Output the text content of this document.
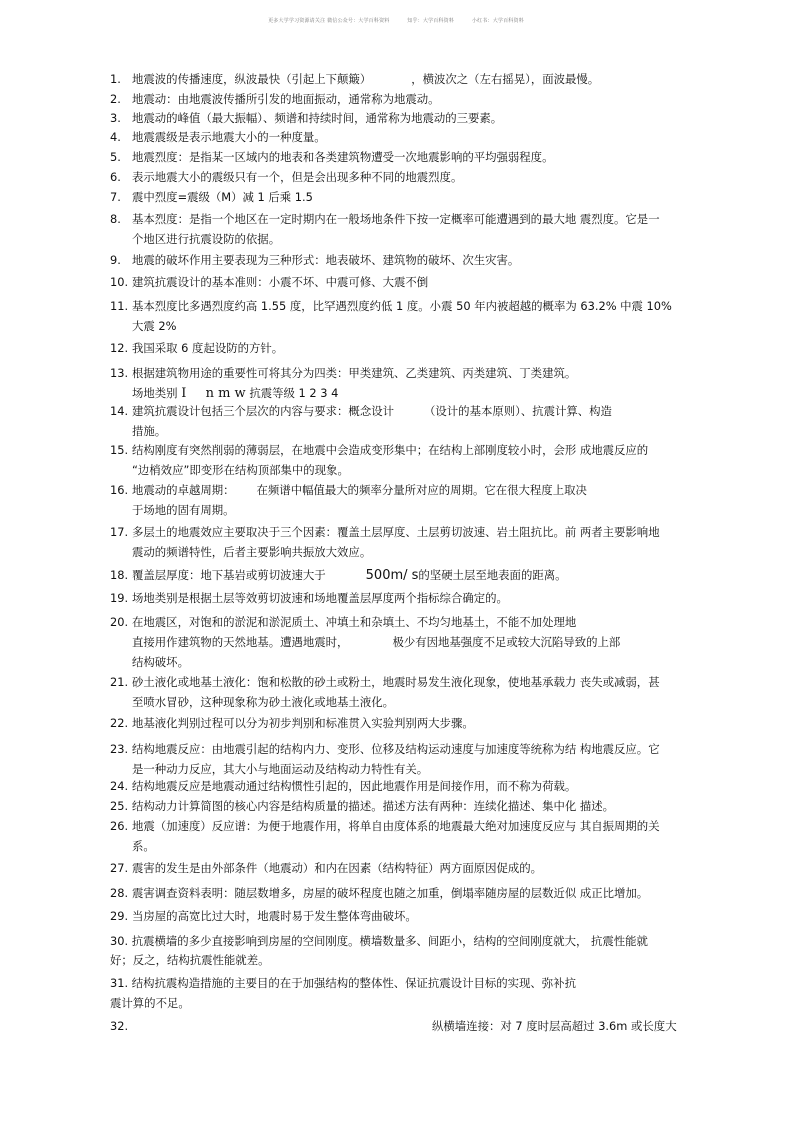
更多大学学习资源请关注 微信公众号：大学百科资料	知乎：大学百科资料	小红书：大学百科资料
1. 地震波的传播速度，纵波最快（引起上下颠簸）	，横波次之（左右摇晃），面波最慢。
2. 地震动：由地震波传播所引发的地面振动，通常称为地震动。
3. 地震动的峰值（最大振幅）、频谱和持续时间，通常称为地震动的三要素。
4. 地震震级是表示地震大小的一种度量。
5. 地震烈度：是指某一区域内的地表和各类建筑物遭受一次地震影响的平均强弱程度。
6. 表示地震大小的震级只有一个，但是会出现多种不同的地震烈度。
7. 震中烈度=震级（M）减 1 后乘 1.5
8. 基本烈度：是指一个地区在一定时期内在一般场地条件下按一定概率可能遭遇到的最大地 震烈度。它是一
个地区进行抗震设防的依据。
9. 地震的破坏作用主要表现为三种形式：地表破坏、建筑物的破坏、次生灾害。
10. 建筑抗震设计的基本准则：小震不坏、中震可修、大震不倒
11. 基本烈度比多遇烈度约高 1.55 度，比罕遇烈度约低 1 度。小震 50 年内被超越的概率为 63.2% 中震 10%
大震 2%
12. 我国采取 6 度起设防的方针。
13. 根据建筑物用途的重要性可将其分为四类：甲类建筑、乙类建筑、丙类建筑、丁类建筑。
场地类别 I n m w 抗震等级 1 2 3 4
14. 建筑抗震设计包括三个层次的内容与要求：概念设计	（设计的基本原则）、抗震计算、构造
措施。
15. 结构刚度有突然削弱的薄弱层，在地震中会造成变形集中；在结构上部刚度较小时，会形 成地震反应的
“边梢效应”即变形在结构顶部集中的现象。
16. 地震动的卓越周期： 在频谱中幅值最大的频率分量所对应的周期。它在很大程度上取决
于场地的固有周期。
17. 多层土的地震效应主要取决于三个因素：覆盖土层厚度、土层剪切波速、岩土阻抗比。前 两者主要影响地
震动的频谱特性，后者主要影响共振放大效应。
18. 覆盖层厚度：地下基岩或剪切波速大于	500m/ s的坚硬土层至地表面的距离。
19. 场地类别是根据土层等效剪切波速和场地覆盖层厚度两个指标综合确定的。
20. 在地震区，对饱和的淤泥和淤泥质土、冲填土和杂填土、不均匀地基土，不能不加处理地
直接用作建筑物的天然地基。遭遇地震时，	极少有因地基强度不足或较大沉陷导致的上部
结构破坏。
21. 砂土液化或地基土液化：饱和松散的砂土或粉土，地震时易发生液化现象，使地基承载力 丧失或减弱，甚
至喷水冒砂，这种现象称为砂土液化或地基土液化。
22. 地基液化判别过程可以分为初步判别和标准贯入实验判别两大步骤。
23. 结构地震反应：由地震引起的结构内力、变形、位移及结构运动速度与加速度等统称为结 构地震反应。它
是一种动力反应，其大小与地面运动及结构动力特性有关。
24. 结构地震反应是地震动通过结构惯性引起的，因此地震作用是间接作用，而不称为荷载。
25. 结构动力计算简图的核心内容是结构质量的描述。描述方法有两种：连续化描述、集中化 描述。
26. 地震（加速度）反应谱：为便于地震作用，将单自由度体系的地震最大绝对加速度反应与 其自振周期的关
系。
27. 震害的发生是由外部条件（地震动）和内在因素（结构特征）两方面原因促成的。
28. 震害调查资料表明：随层数增多，房屋的破坏程度也随之加重，倒塌率随房屋的层数近似 成正比增加。
29. 当房屋的高宽比过大时，地震时易于发生整体弯曲破坏。
30. 抗震横墙的多少直接影响到房屋的空间刚度。横墙数量多、间距小，结构的空间刚度就大， 抗震性能就
好；反之，结构抗震性能就差。
31. 结构抗震构造措施的主要目的在于加强结构的整体性、保证抗震设计目标的实现、弥补抗
震计算的不足。
32.	纵横墙连接：对 7 度时层高超过 3.6m 或长度大
